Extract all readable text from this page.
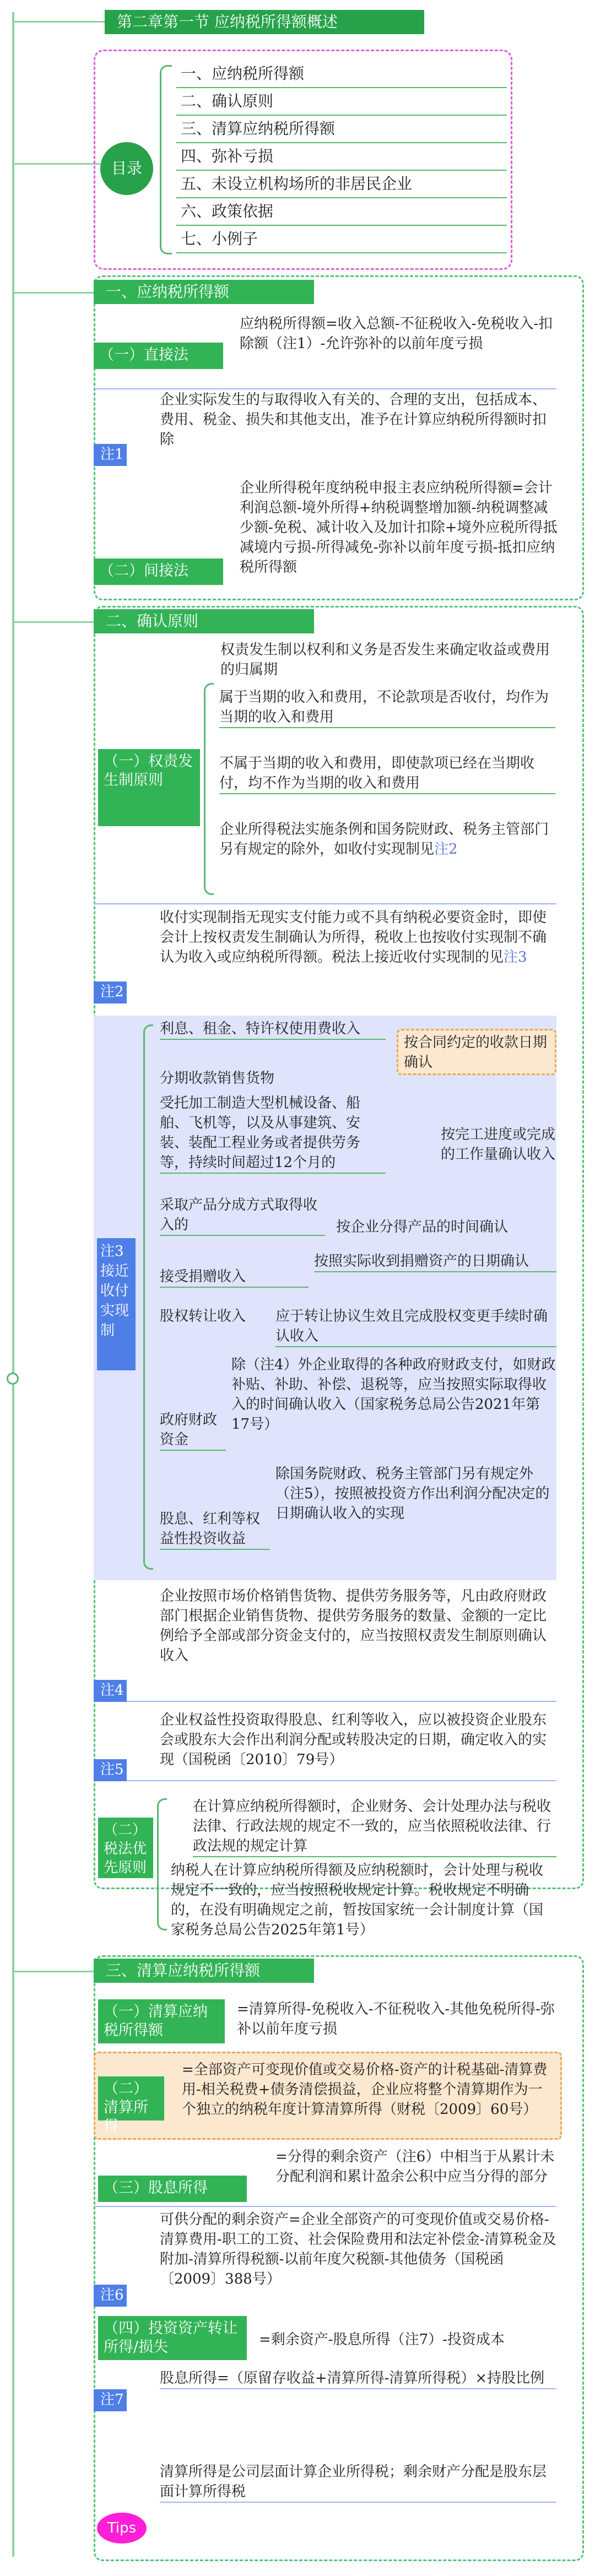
第二章第一节 应纳税所得额概述
目录
一、应纳税所得额
二、确认原则
三、清算应纳税所得额
四、弥补亏损
五、未设立机构场所的非居民企业
六、政策依据
七、小例子
一、应纳税所得额
（一）直接法
应纳税所得额=收入总额-不征税收入-免税收入-扣除额（注1）-允许弥补的以前年度亏损
企业实际发生的与取得收入有关的、合理的支出，包括成本、费用、税金、损失和其他支出，准予在计算应纳税所得额时扣除
注1
企业所得税年度纳税申报主表应纳税所得额=会计利润总额-境外所得+纳税调整增加额-纳税调整减少额-免税、减计收入及加计扣除+境外应税所得抵减境内亏损-所得减免-弥补以前年度亏损-抵扣应纳税所得额
（二）间接法
二、确认原则
权责发生制以权利和义务是否发生来确定收益或费用的归属期
（一）权责发生制原则
属于当期的收入和费用，不论款项是否收付，均作为当期的收入和费用
不属于当期的收入和费用，即使款项已经在当期收付，均不作为当期的收入和费用
企业所得税法实施条例和国务院财政、税务主管部门另有规定的除外，如收付实现制见注2
收付实现制指无现实支付能力或不具有纳税必要资金时，即使会计上按权责发生制确认为所得，税收上也按收付实现制不确认为收入或应纳税所得额。税法上接近收付实现制的见注3
注2
注3接近收付实现制
利息、租金、特许权使用费收入
按合同约定的收款日期确认
分期收款销售货物
受托加工制造大型机械设备、船舶、飞机等，以及从事建筑、安装、装配工程业务或者提供劳务等，持续时间超过12个月的
按完工进度或完成的工作量确认收入
采取产品分成方式取得收入的	按企业分得产品的时间确认
接受捐赠收入
按照实际收到捐赠资产的日期确认
股权转让收入	应于转让协议生效且完成股权变更手续时确认收入
除（注4）外企业取得的各种政府财政支付，如财政补贴、补助、补偿、退税等，应当按照实际取得收入的时间确认收入（国家税务总局公告2021年第17号）
政府财政资金
除国务院财政、税务主管部门另有规定外（注5），按照被投资方作出利润分配决定的日期确认收入的实现
股息、红利等权益性投资收益
企业按照市场价格销售货物、提供劳务服务等，凡由政府财政部门根据企业销售货物、提供劳务服务的数量、金额的一定比例给予全部或部分资金支付的，应当按照权责发生制原则确认收入
注4
企业权益性投资取得股息、红利等收入，应以被投资企业股东会或股东大会作出利润分配或转股决定的日期，确定收入的实现（国税函〔2010〕79号）
注5
（二）税法优先原则
在计算应纳税所得额时，企业财务、会计处理办法与税收法律、行政法规的规定不一致的，应当依照税收法律、行政法规的规定计算
纳税人在计算应纳税所得额及应纳税额时，会计处理与税收规定不一致的，应当按照税收规定计算。税收规定不明确的，在没有明确规定之前，暂按国家统一会计制度计算（国家税务总局公告2025年第1号）
三、清算应纳税所得额
（一）清算应纳税所得额
=清算所得-免税收入-不征税收入-其他免税所得-弥补以前年度亏损
（二）清算所得
=全部资产可变现价值或交易价格-资产的计税基础-清算费用-相关税费+债务清偿损益，企业应将整个清算期作为一个独立的纳税年度计算清算所得（财税〔2009〕60号）
=分得的剩余资产（注6）中相当于从累计未分配利润和累计盈余公积中应当分得的部分
（三）股息所得
可供分配的剩余资产=企业全部资产的可变现价值或交易价格-清算费用-职工的工资、社会保险费用和法定补偿金-清算税金及附加-清算所得税额-以前年度欠税额-其他债务（国税函〔2009〕388号）
注6
（四）投资资产转让所得/损失	=剩余资产-股息所得（注7）-投资成本
股息所得=（原留存收益+清算所得-清算所得税）×持股比例
注7
清算所得是公司层面计算企业所得税；剩余财产分配是股东层面计算所得税
Tips
